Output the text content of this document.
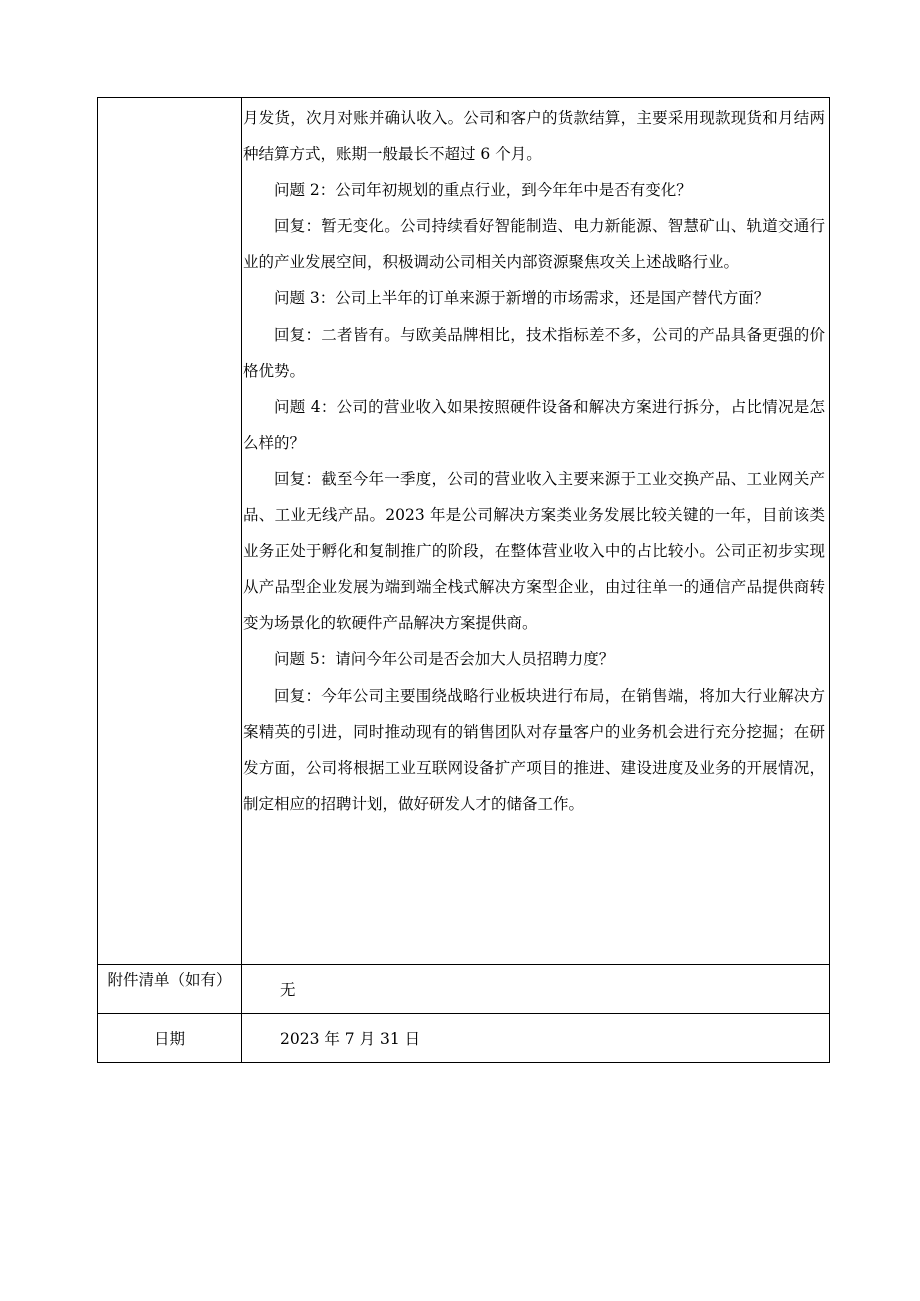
月发货，次月对账并确认收入。公司和客户的货款结算，主要采用现款现货和月结两种结算方式，账期一般最长不超过 6 个月。

问题 2：公司年初规划的重点行业，到今年年中是否有变化？

回复：暂无变化。公司持续看好智能制造、电力新能源、智慧矿山、轨道交通行业的产业发展空间，积极调动公司相关内部资源聚焦攻关上述战略行业。

问题 3：公司上半年的订单来源于新增的市场需求，还是国产替代方面？

回复：二者皆有。与欧美品牌相比，技术指标差不多，公司的产品具备更强的价格优势。

问题 4：公司的营业收入如果按照硬件设备和解决方案进行拆分，占比情况是怎么样的？

回复：截至今年一季度，公司的营业收入主要来源于工业交换产品、工业网关产品、工业无线产品。2023 年是公司解决方案类业务发展比较关键的一年，目前该类业务正处于孵化和复制推广的阶段，在整体营业收入中的占比较小。公司正初步实现从产品型企业发展为端到端全栈式解决方案型企业，由过往单一的通信产品提供商转变为场景化的软硬件产品解决方案提供商。

问题 5：请问今年公司是否会加大人员招聘力度？

回复：今年公司主要围绕战略行业板块进行布局，在销售端，将加大行业解决方案精英的引进，同时推动现有的销售团队对存量客户的业务机会进行充分挖掘；在研发方面，公司将根据工业互联网设备扩产项目的推进、建设进度及业务的开展情况，制定相应的招聘计划，做好研发人才的储备工作。

附件清单（如有）
无
日期	2023 年 7 月 31 日
